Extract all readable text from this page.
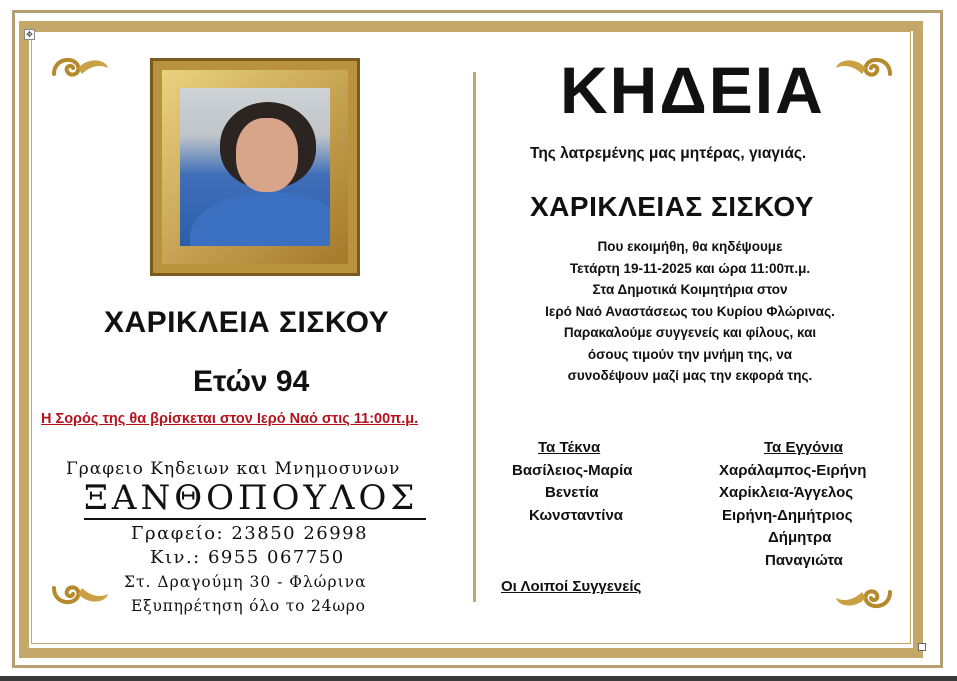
✥
ΧΑΡΙΚΛΕΙΑ ΣΙΣΚΟΥ
Ετών 94
Η Σορός της θα βρίσκεται στον Ιερό Ναό στις 11:00π.μ.
Γραφειο Κηδειων και Μνημοσυνων
ΞΑΝΘΟΠΟΥΛΟΣ
Γραφείο: 23850 26998
Κιν.: 6955 067750
Στ. Δραγούμη 30 - Φλώρινα
Εξυπηρέτηση όλο το 24ωρο
ΚΗΔΕΙΑ
Της λατρεμένης μας μητέρας, γιαγιάς.
ΧΑΡΙΚΛΕΙΑΣ ΣΙΣΚΟΥ
Που εκοιμήθη, θα κηδέψουμε
Τετάρτη 19-11-2025 και ώρα 11:00π.μ.
Στα Δημοτικά Κοιμητήρια στον
Ιερό Ναό Αναστάσεως του Κυρίου Φλώρινας.
Παρακαλούμε συγγενείς και φίλους, και
όσους τιμούν την μνήμη της, να
συνοδέψουν μαζί μας την εκφορά της.
Τα Τέκνα
Βασίλειος-Μαρία
Βενετία
Κωνσταντίνα
Τα Εγγόνια
Χαράλαμπος-Ειρήνη
Χαρίκλεια-Άγγελος
Ειρήνη-Δημήτριος
Δήμητρα
Παναγιώτα
Οι Λοιποί Συγγενείς
